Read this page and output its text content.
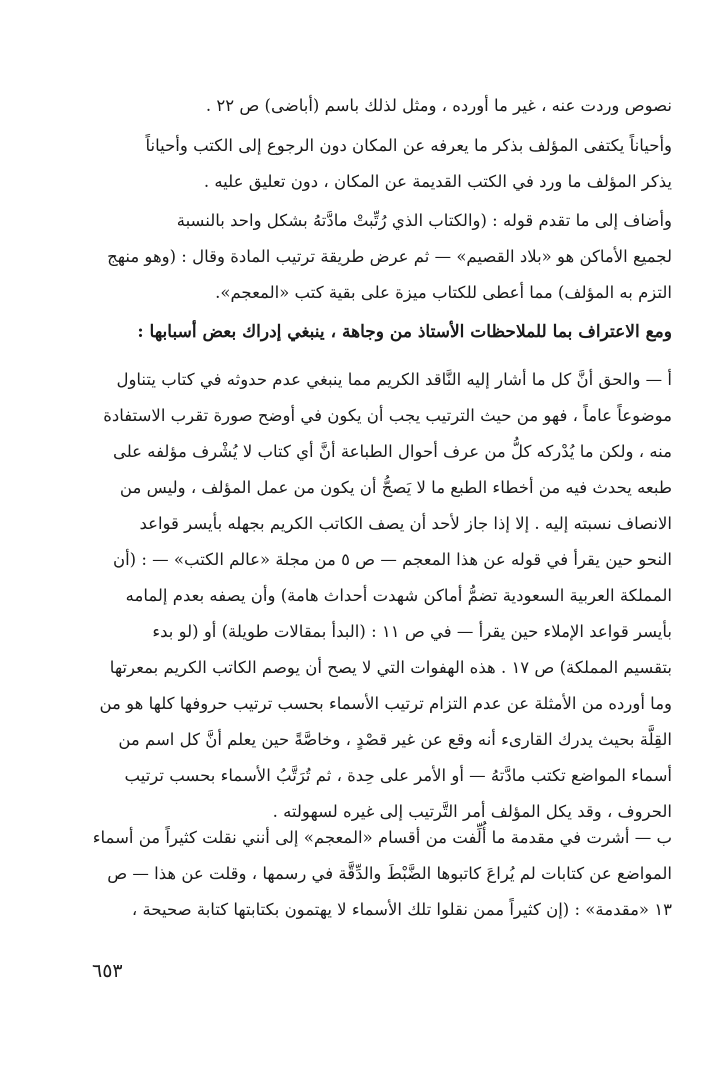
نصوص وردت عنه ، غير ما أورده ، ومثل لذلك باسم (أباضى) ص ٢٢ .
وأحياناً يكتفى المؤلف بذكر ما يعرفه عن المكان دون الرجوع إلى الكتب وأحياناً
يذكر المؤلف ما ورد في الكتب القديمة عن المكان ، دون تعليق عليه .
وأضاف إلى ما تقدم قوله : (والكتاب الذي رُتِّبتْ مادَّتهُ بشكل واحد بالنسبة
لجميع الأماكن هو «بلاد القصيم» — ثم عرض طريقة ترتيب المادة وقال : (وهو منهج
التزم به المؤلف) مما أعطى للكتاب ميزة على بقية كتب «المعجم».
ومع الاعتراف بما للملاحظات الأستاذ من وجاهة ، ينبغي إدراك بعض أسبابها :
أ — والحق أنَّ كل ما أشار إليه النَّاقد الكريم مما ينبغي عدم حدوثه في كتاب يتناول
موضوعاً عاماً ، فهو من حيث الترتيب يجب أن يكون في أوضح صورة تقرب الاستفادة
منه ، ولكن ما يُدْركه كلُّ من عرف أحوال الطباعة أنَّ أي كتاب لا يُشْرف مؤلفه على
طبعه يحدث فيه من أخطاء الطبع ما لا يَصحُّ أن يكون من عمل المؤلف ، وليس من
الانصاف نسبته إليه . إلا إذا جاز لأحد أن يصف الكاتب الكريم بجهله بأيسر قواعد
النحو حين يقرأ في قوله عن هذا المعجم — ص ٥ من مجلة «عالم الكتب» — : (أن
المملكة العربية السعودية تضمُّ أماكن شهدت أحداث هامة) وأن يصفه بعدم إلمامه
بأيسر قواعد الإملاء حين يقرأ — في ص ١١ : (البدأ بمقالات طويلة) أو (لو بدء
بتقسيم المملكة) ص ١٧ . هذه الهفوات التي لا يصح أن يوصم الكاتب الكريم بمعرتها
وما أورده من الأمثلة عن عدم التزام ترتيب الأسماء بحسب ترتيب حروفها كلها هو من
القِلَّة بحيث يدرك القارىء أنه وقع عن غير قصْدٍ ، وخاصَّةً حين يعلم أنَّ كل اسم من
أسماء المواضع تكتب مادَّتهُ — أو الأمر على حِدة ، ثم تُرَتَّبُ الأسماء بحسب ترتيب
الحروف ، وقد يكل المؤلف أمر التَّرتيب إلى غيره لسهولته .
ب — أشرت في مقدمة ما أُلِّفت من أقسام «المعجم» إلى أنني نقلت كثيراً من أسماء
المواضع عن كتابات لم يُراعَ كاتبوها الضَّبْطَ والدِّقَّة في رسمها ، وقلت عن هذا — ص
١٣ «مقدمة» : (إن كثيراً ممن نقلوا تلك الأسماء لا يهتمون بكتابتها كتابة صحيحة ،
٦٥٣
